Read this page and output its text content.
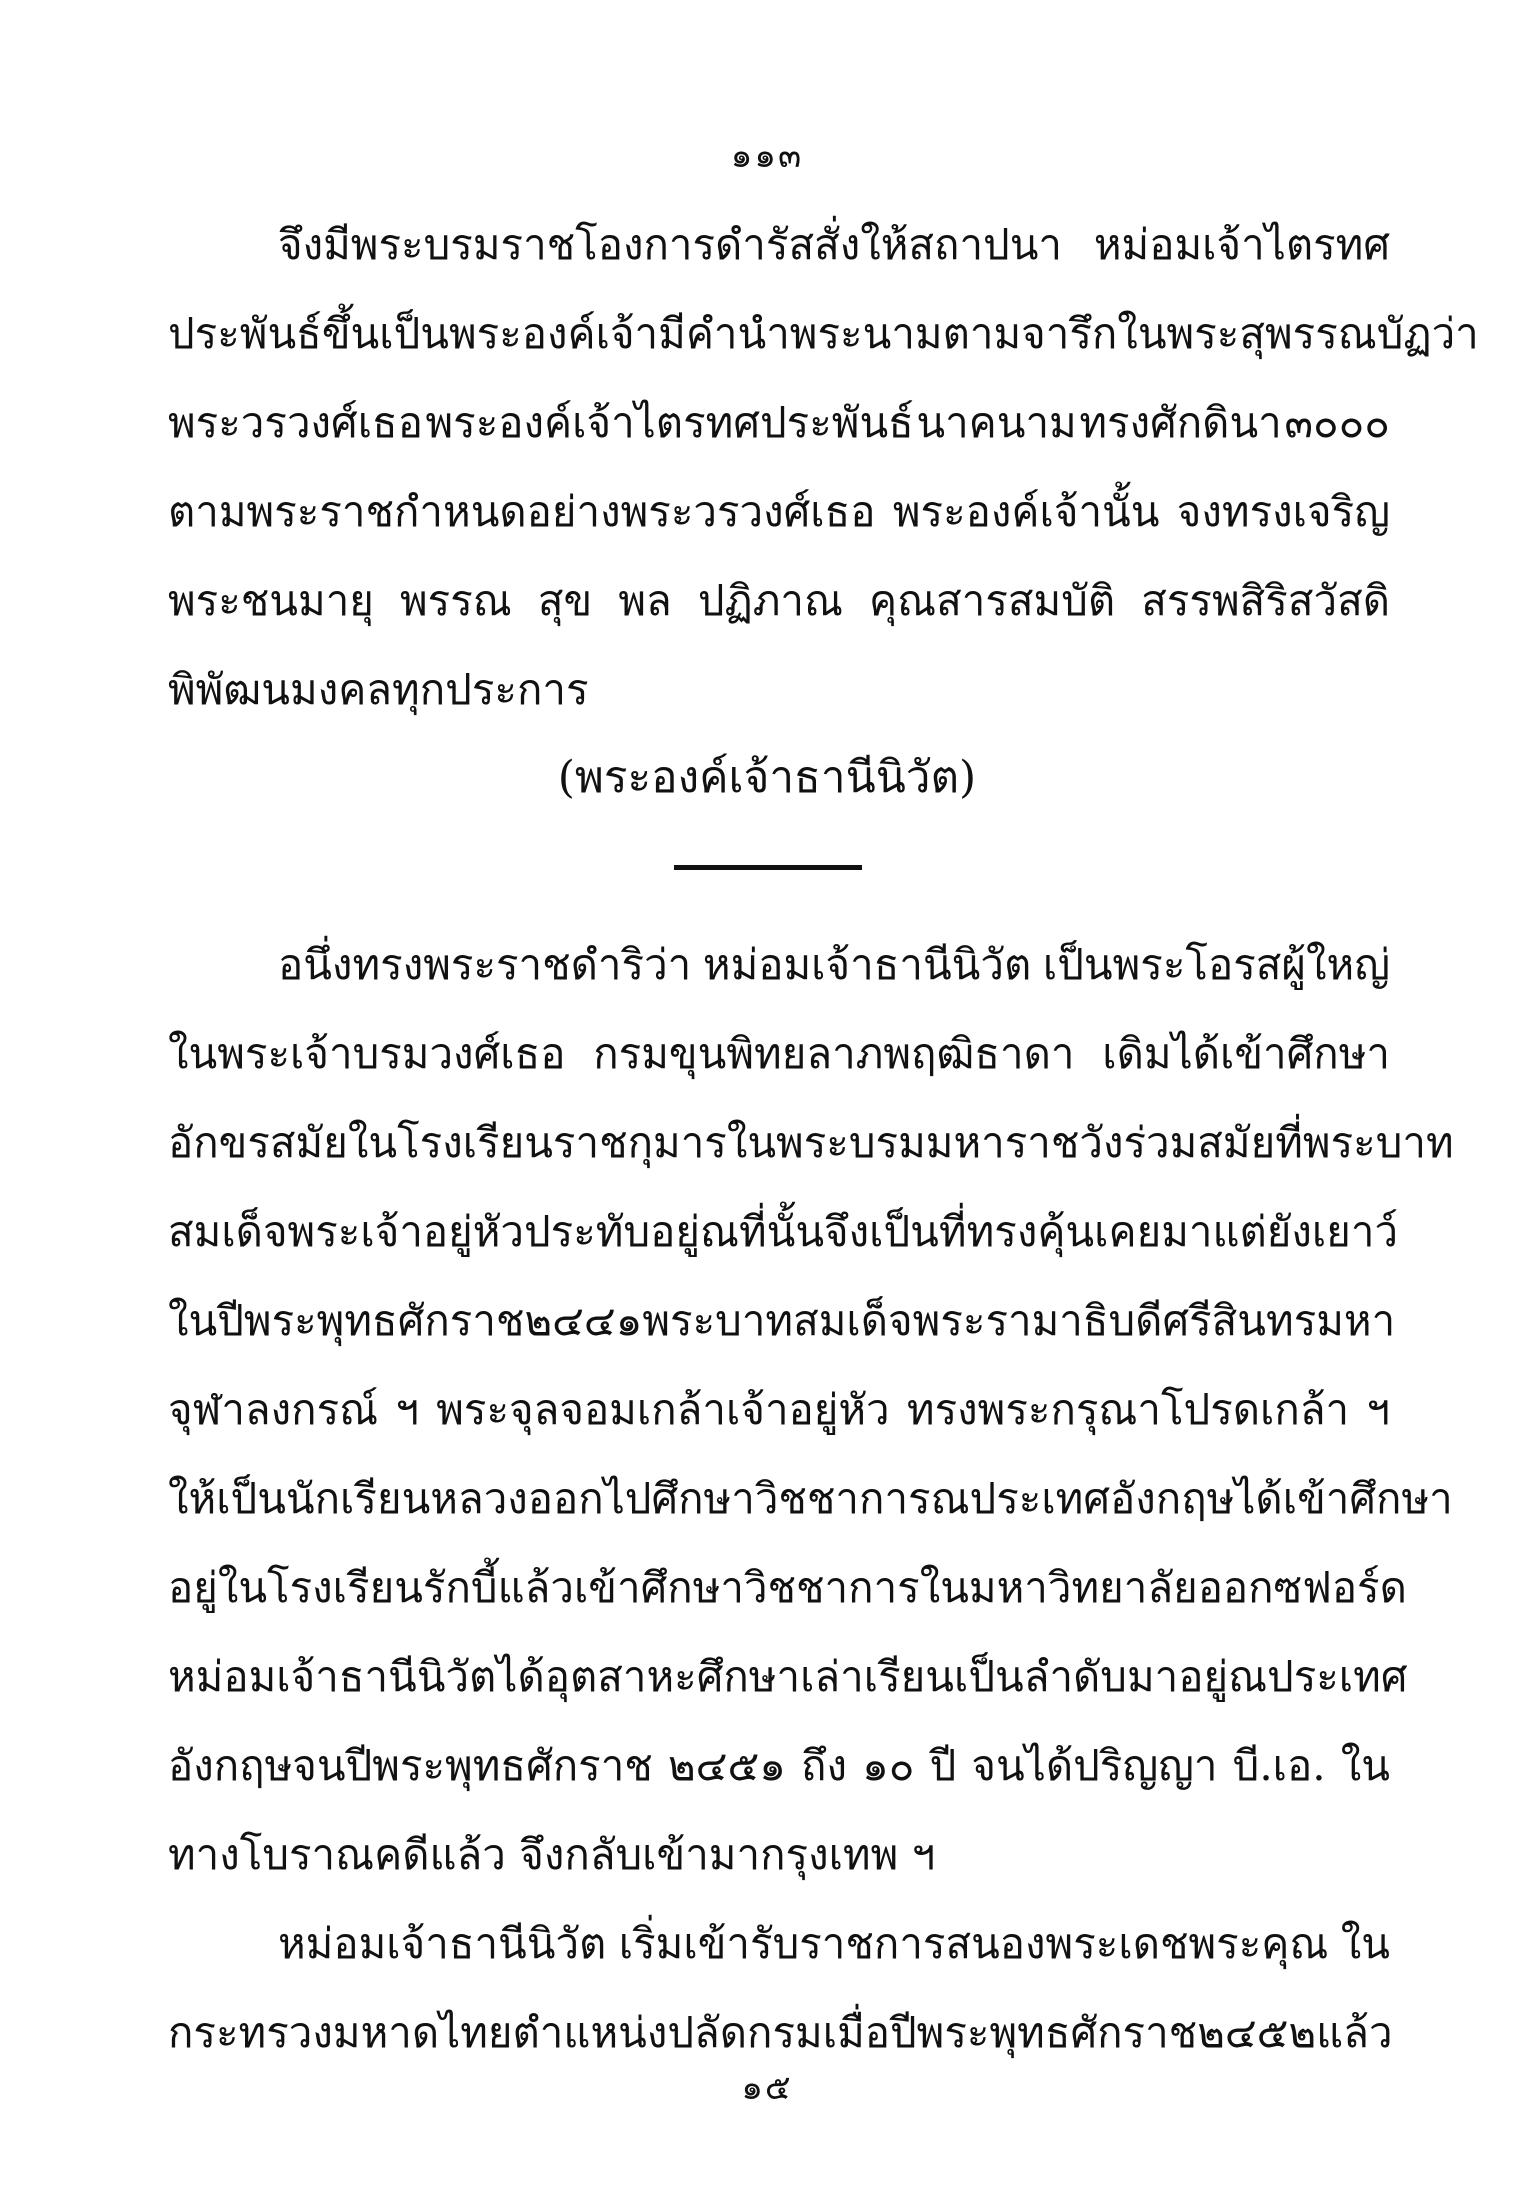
๑๑๓
จึงมีพระบรมราชโองการดำรัสสั่งให้สถาปนา หม่อมเจ้าไตรทศ
ประพันธ์ ขึ้นเป็นพระองค์เจ้า มีคำนำพระนามตามจารึกในพระสุพรรณบัฏว่า
พระวรวงศ์เธอ พระองค์เจ้าไตรทศประพันธ์ นาคนาม ทรงศักดินา ๓๐๐๐
ตามพระราชกำหนดอย่างพระวรวงศ์เธอ พระองค์เจ้านั้น จงทรงเจริญ
พระชนมายุ พรรณ สุข พล ปฏิภาณ คุณสารสมบัติ สรรพสิริสวัสดิ
พิพัฒนมงคลทุกประการ
(พระองค์เจ้าธานีนิวัต)
อนึ่งทรงพระราชดำริว่า หม่อมเจ้าธานีนิวัต เป็นพระโอรสผู้ใหญ่
ในพระเจ้าบรมวงศ์เธอ กรมขุนพิทยลาภพฤฒิธาดา เดิมได้เข้าศึกษา
อักขรสมัยในโรงเรียนราชกุมารในพระบรมมหาราชวัง ร่วมสมัยที่พระบาท
สมเด็จพระเจ้าอยู่หัวประทับอยู่ณที่นั้น จึงเป็นที่ทรงคุ้นเคยมาแต่ยังเยาว์
ในปีพระพุทธศักราช ๒๔๔๑ พระบาทสมเด็จพระรามาธิบดีศรีสินทรมหา
จุฬาลงกรณ์ ฯ พระจุลจอมเกล้าเจ้าอยู่หัว ทรงพระกรุณาโปรดเกล้า ฯ
ให้เป็นนักเรียนหลวงออกไปศึกษาวิชชาการณประเทศอังกฤษ ได้เข้าศึกษา
อยู่ในโรงเรียนรักบี้ แล้วเข้าศึกษาวิชชาการในมหาวิทยาลัยออกซฟอร์ด
หม่อมเจ้าธานีนิวัต ได้อุตสาหะศึกษาเล่าเรียนเป็นลำดับมาอยู่ณประเทศ
อังกฤษจนปีพระพุทธศักราช ๒๔๕๑ ถึง ๑๐ ปี จนได้ปริญญา บี.เอ. ใน
ทางโบราณคดีแล้ว จึงกลับเข้ามากรุงเทพ ฯ
หม่อมเจ้าธานีนิวัต เริ่มเข้ารับราชการสนองพระเดชพระคุณ ใน
กระทรวงมหาดไทยตำแหน่งปลัดกรม เมื่อปีพระพุทธศักราช ๒๔๕๒ แล้ว
๑๕
